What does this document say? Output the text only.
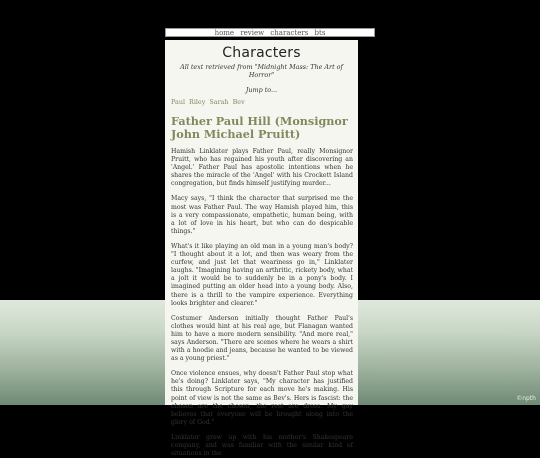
©npth
home review characters bts
Characters
All text retrieved from "Midnight Mass: The Art of Horror"
Jump to...
Paul Riley Sarah Bev
Father Paul Hill (Monsignor John Michael Pruitt)

Hamish Linklater plays Father Paul, really Monsignor Pruitt, who has regained his youth after discovering an 'Angel.' Father Paul has apostolic intentions when he shares the miracle of the 'Angel' with his Crockett Island congregation, but finds himself justifying murder...

Macy says, "I think the character that surprised me the most was Father Paul. The way Hamish played him, this is a very compassionate, empathetic, human being, with a lot of love in his heart, but who can do despicable things."

What's it like playing an old man in a young man's body? "I thought about it a lot, and then was weary from the curfew, and just let that weariness go in," Linklater laughs. "Imagining having an arthritic, rickety body, what a jolt it would be to suddenly be in a pony's body. I imagined putting an older head into a young body. Also, there is a thrill to the vampire experience. Everything looks brighter and clearer."

Costumer Anderson initially thought Father Paul's clothes would hint at his real age, but Flanagan wanted him to have a more modern sensibility. "And more real," says Anderson. "There are scenes where he wears a shirt with a hoodie and jeans, because he wanted to be viewed as a young priest."

Once violence ensues, why doesn't Father Paul stop what he's doing? Linklater says, "My character has justified this through Scripture for each move he's making. His point of view is not the same as Bev's. Hers is fascist: the chosen are the chosen, the rest are dross. My guy believes that everyone will be brought along into the glory of God."

Linklater grew up with his mother's Shakespeare company, and was familiar with the similar kind of situations in the
